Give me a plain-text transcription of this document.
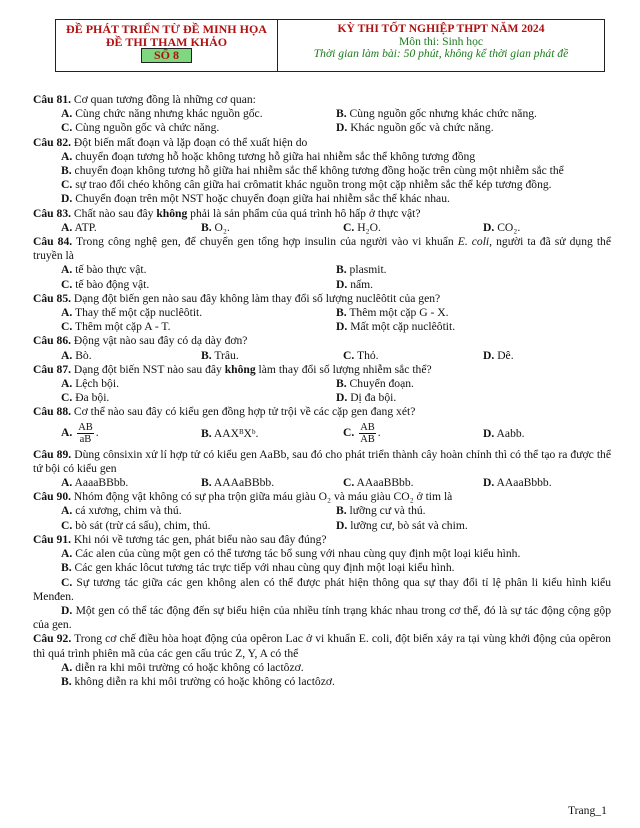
ĐỀ PHÁT TRIỂN TỪ ĐỀ MINH HỌA
ĐỀ THI THAM KHẢO
SỐ 8
KỲ THI TỐT NGHIỆP THPT NĂM 2024
Môn thi: Sinh học
Thời gian làm bài: 50 phút, không kể thời gian phát đề

Câu 81. Cơ quan tương đồng là những cơ quan:

A. Cùng chức năng nhưng khác nguồn gốc.	B. Cùng nguồn gốc nhưng khác chức năng.
C. Cùng nguồn gốc và chức năng.	D. Khác nguồn gốc và chức năng.

Câu 82. Đột biến mất đoạn và lặp đoạn có thể xuất hiện do

A. chuyển đoạn tương hỗ hoặc không tương hỗ giữa hai nhiễm sắc thể không tương đồng

B. chuyển đoạn không tương hỗ giữa hai nhiễm sắc thể không tương đồng hoặc trên cùng một nhiễm sắc thể

C. sự trao đổi chéo không cân giữa hai crômatit khác nguồn trong một cặp nhiễm sắc thể kép tương đồng.

D. Chuyển đoạn trên một NST hoặc chuyển đoạn giữa hai nhiễm sắc thể khác nhau.

Câu 83. Chất nào sau đây không phải là sản phẩm của quá trình hô hấp ở thực vật?

A. ATP.	B. O₂.	C. H₂O.	D. CO₂.

Câu 84. Trong công nghệ gen, để chuyển gen tổng hợp insulin của người vào vi khuẩn E. coli, người ta đã sử dụng thể truyền là

A. tế bào thực vật.	B. plasmit.
C. tế bào động vật.	D. nấm.

Câu 85. Dạng đột biến gen nào sau đây không làm thay đổi số lượng nuclêôtit của gen?

A. Thay thế một cặp nuclêôtit.	B. Thêm một cặp G - X.
C. Thêm một cặp A - T.	D. Mất một cặp nuclêôtit.

Câu 86. Động vật nào sau đây có dạ dày đơn?

A. Bò.	B. Trâu.	C. Thỏ.	D. Dê.

Câu 87. Dạng đột biến NST nào sau đây không làm thay đổi số lượng nhiễm sắc thể?

A. Lệch bội.	B. Chuyển đoạn.
C. Đa bội.	D. Dị đa bội.

Câu 88. Cơ thể nào sau đây có kiểu gen đồng hợp tử trội về các cặp gen đang xét?

A. $\frac{AB}{aB}$ .	B. AAXᴮXᵇ.	C. $\frac{AB}{AB}$ .	D. Aabb.

Câu 89. Dùng cônsixin xử lí hợp tử có kiểu gen AaBb, sau đó cho phát triển thành cây hoàn chỉnh thì có thể tạo ra được thể tứ bội có kiểu gen

A. AaaaBBbb.	B. AAAaBBbb.	C. AAaaBBbb.	D. AAaaBbbb.

Câu 90. Nhóm động vật không có sự pha trộn giữa máu giàu O₂ và máu giàu CO₂ ở tim là

A. cá xương, chim và thú.	B. lưỡng cư và thú.
C. bò sát (trừ cá sấu), chim, thú.	D. lưỡng cư, bò sát và chim.

Câu 91. Khi nói về tương tác gen, phát biểu nào sau đây đúng?

A. Các alen của cùng một gen có thể tương tác bổ sung với nhau cùng quy định một loại kiểu hình.

B. Các gen khác lôcut tương tác trực tiếp với nhau cùng quy định một loại kiểu hình.

C. Sự tương tác giữa các gen không alen có thể được phát hiện thông qua sự thay đổi tỉ lệ phân li kiểu hình kiểu Menđen.

D. Một gen có thể tác động đến sự biểu hiện của nhiều tính trạng khác nhau trong cơ thể, đó là sự tác động cộng gộp của gen.

Câu 92. Trong cơ chế điều hòa hoạt động của opêron Lac ở vi khuẩn E. coli, đột biến xảy ra tại vùng khởi động của opêron thì quá trình phiên mã của các gen cấu trúc Z, Y, A có thể

A. diễn ra khi môi trường có hoặc không có lactôzơ.

B. không diễn ra khi môi trường có hoặc không có lactôzơ.

Trang_1
